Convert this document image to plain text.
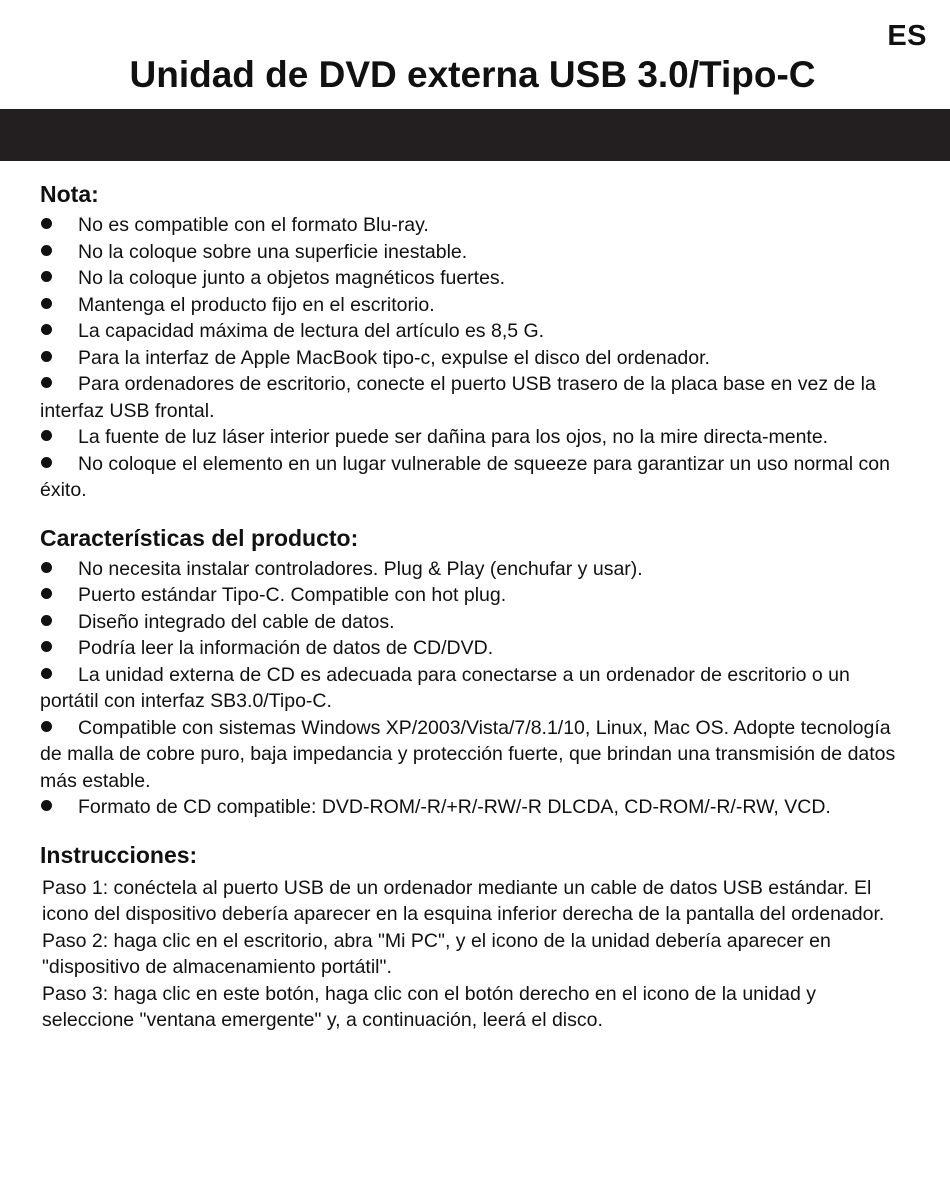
ES
Unidad de DVD externa USB 3.0/Tipo-C
Nota:
No es compatible con el formato Blu-ray.
No la coloque sobre una superficie inestable.
No la coloque junto a objetos magnéticos fuertes.
Mantenga el producto fijo en el escritorio.
La capacidad máxima de lectura del artículo es 8,5 G.
Para la interfaz de Apple MacBook tipo-c, expulse el disco del ordenador.
Para ordenadores de escritorio, conecte el puerto USB trasero de la placa base en vez de la interfaz USB frontal.
La fuente de luz láser interior puede ser dañina para los ojos, no la mire directa-mente.
No coloque el elemento en un lugar vulnerable de squeeze para garantizar un uso normal con éxito.
Características del producto:
No necesita instalar controladores. Plug & Play (enchufar y usar).
Puerto estándar Tipo-C. Compatible con hot plug.
Diseño integrado del cable de datos.
Podría leer la información de datos de CD/DVD.
La unidad externa de CD es adecuada para conectarse a un ordenador de escritorio o un portátil con interfaz SB3.0/Tipo-C.
Compatible con sistemas Windows XP/2003/Vista/7/8.1/10, Linux, Mac OS. Adopte tecnología de malla de cobre puro, baja impedancia y protección fuerte, que brindan una transmisión de datos más estable.
Formato de CD compatible: DVD-ROM/-R/+R/-RW/-R DLCDA, CD-ROM/-R/-RW, VCD.
Instrucciones:

Paso 1: conéctela al puerto USB de un ordenador mediante un cable de datos USB estándar. El icono del dispositivo debería aparecer en la esquina inferior derecha de la pantalla del ordenador.

Paso 2: haga clic en el escritorio, abra "Mi PC", y el icono de la unidad debería aparecer en "dispositivo de almacenamiento portátil".

Paso 3: haga clic en este botón, haga clic con el botón derecho en el icono de la unidad y seleccione "ventana emergente" y, a continuación, leerá el disco.
